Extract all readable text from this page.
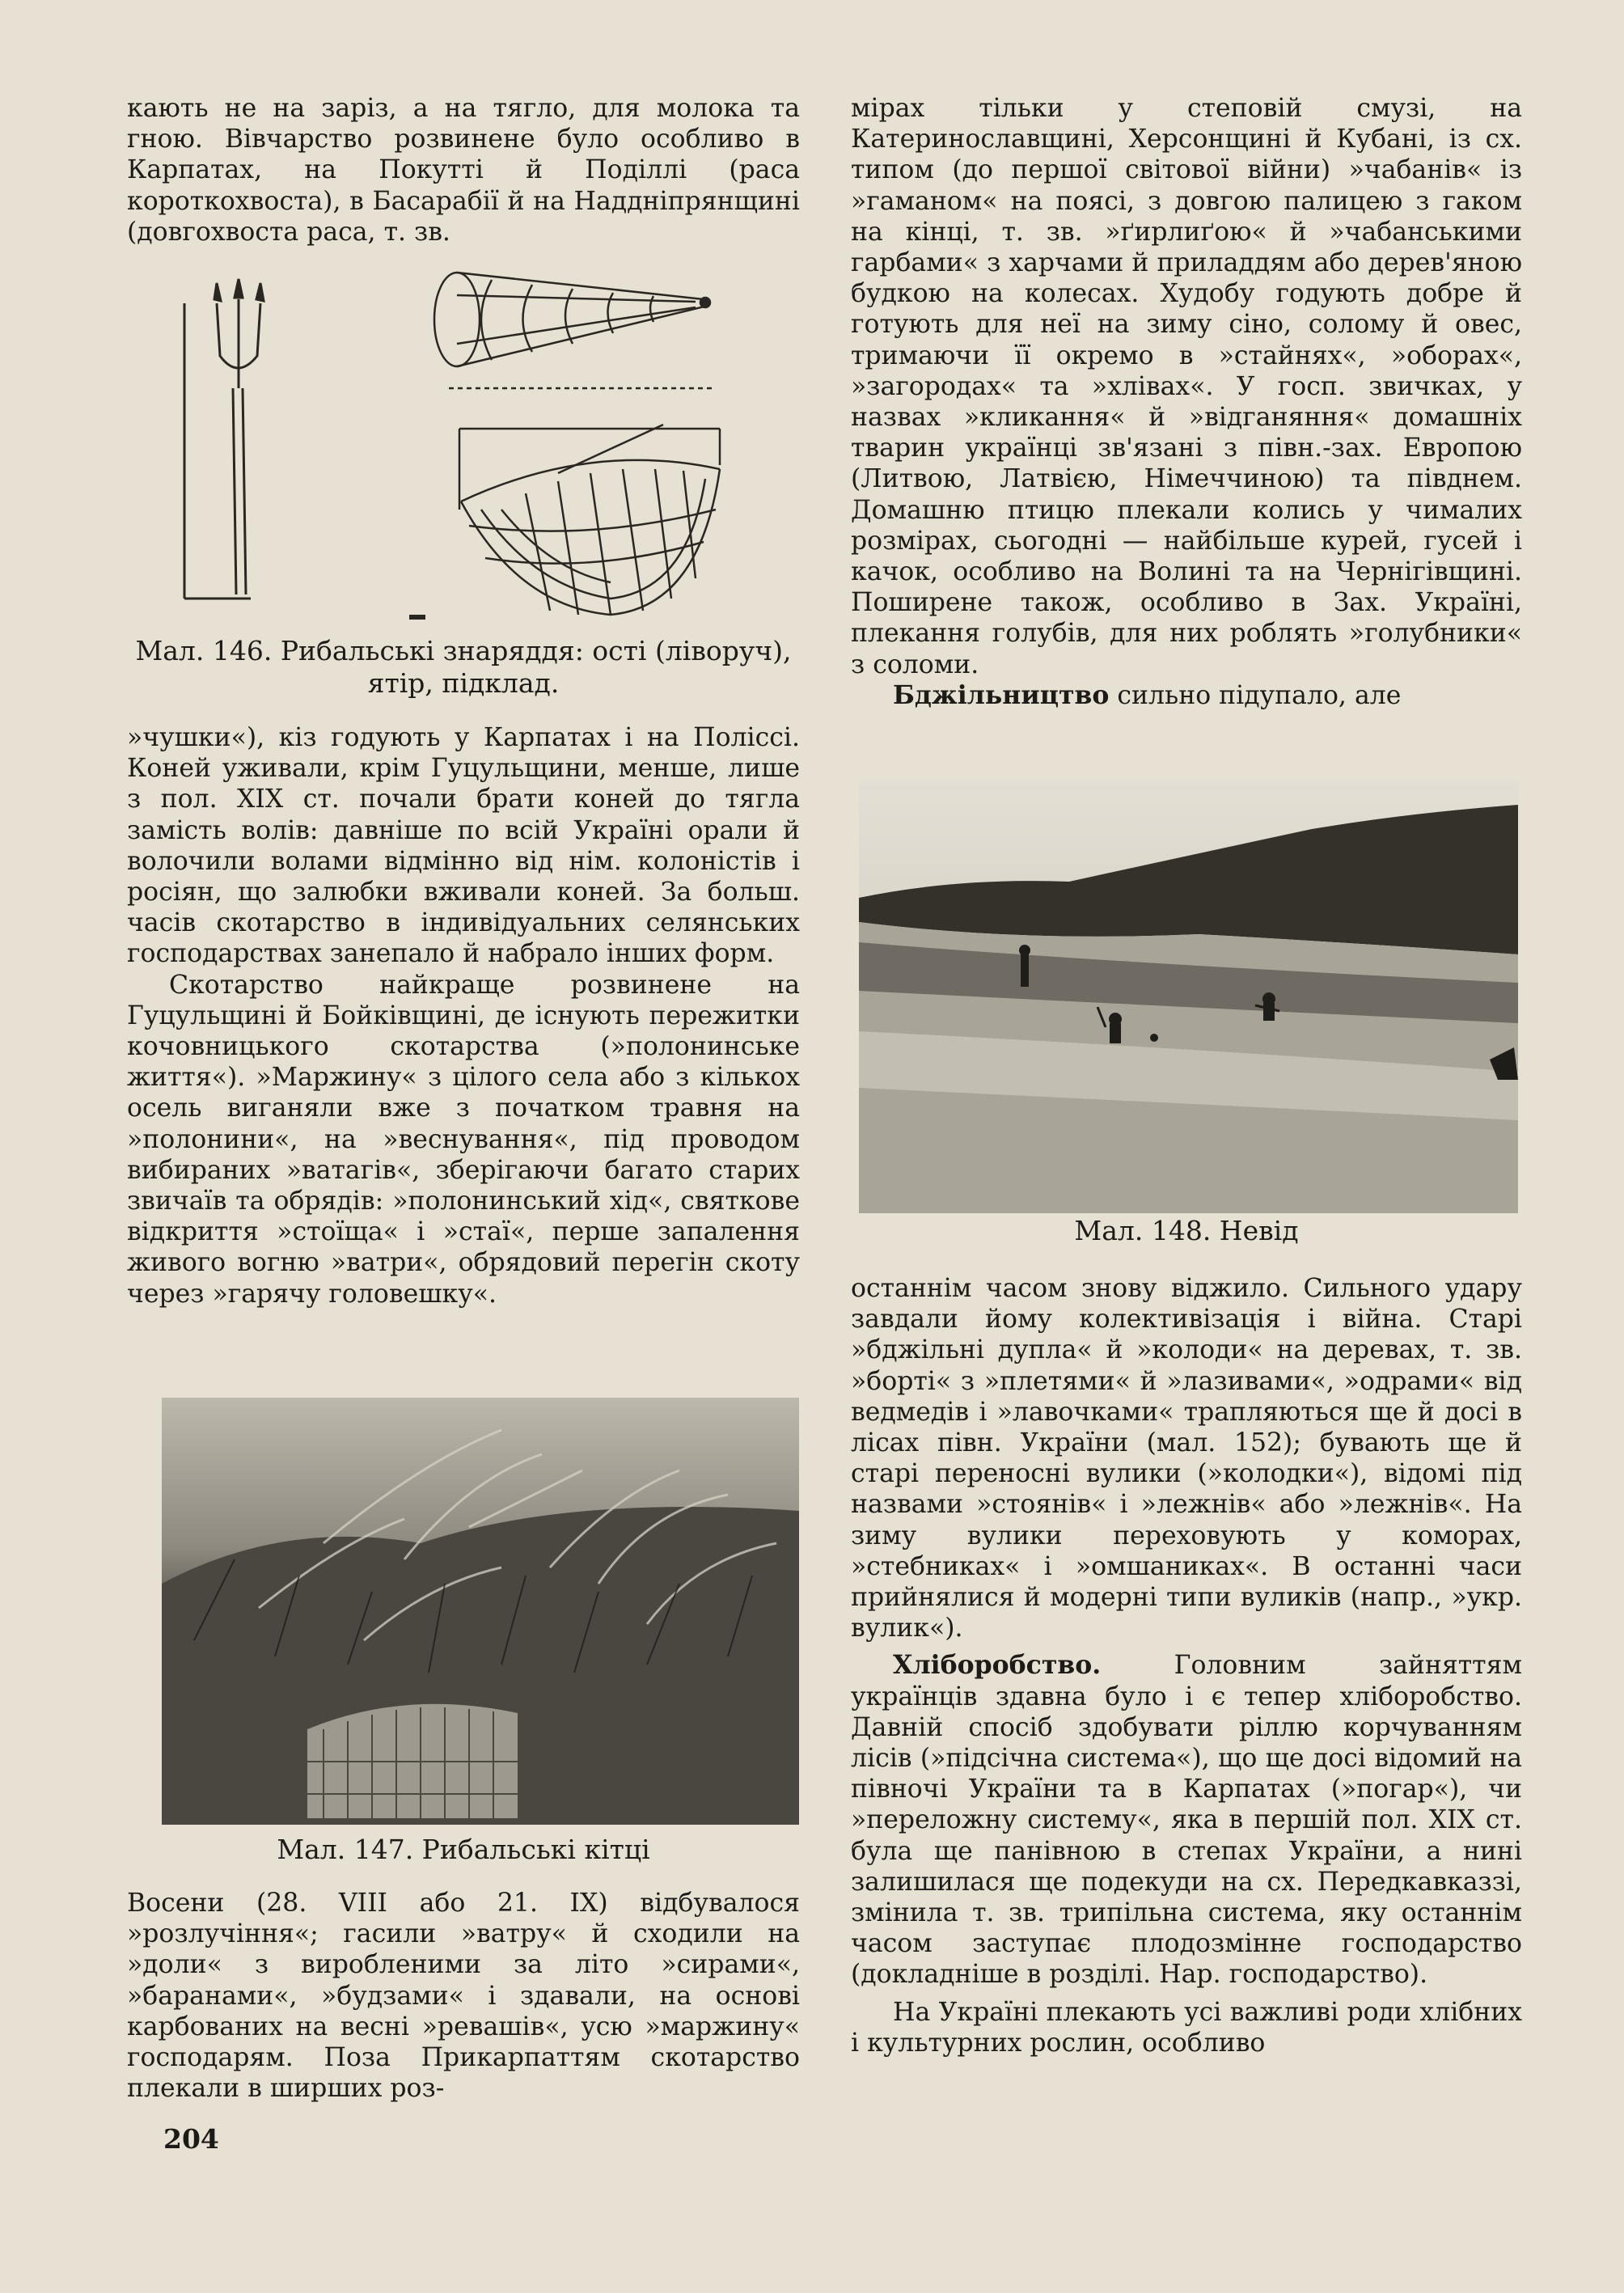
кають не на заріз, а на тягло, для молока та гною. Вівчарство розвинене було особливо в Карпатах, на Покутті й Поділлі (раса короткохвоста), в Басарабії й на Наддніпрянщині (довгохвоста раса, т. зв.

Мал. 146. Рибальські знаряддя: ості (ліворуч), ятір, підклад.

»чушки«), кіз годують у Карпатах і на Поліссі. Коней уживали, крім Гуцульщини, менше, лише з пол. XIX ст. почали брати коней до тягла замість волів: давніше по всій Україні орали й волочили волами відмінно від нім. колоністів і росіян, що залюбки вживали коней. За больш. часів скотарство в індивідуальних селянських господарствах занепало й набрало інших форм.

Скотарство найкраще розвинене на Гуцульщині й Бойківщині, де існують пережитки кочовницького скотарства (»полонинське життя«). »Маржину« з цілого села або з кількох осель виганяли вже з початком травня на »полонини«, на »веснування«, під проводом вибираних »ватагів«, зберігаючи багато старих звичаїв та обрядів: »полонинський хід«, святкове відкриття »стоїща« і »стаї«, перше запалення живого вогню »ватри«, обрядовий перегін скоту через »гарячу головешку«.

Мал. 147. Рибальські кітці

Восени (28. VIII або 21. IX) відбувалося »розлучіння«; гасили »ватру« й сходили на »доли« з виробленими за літо »сирами«, »баранами«, »будзами« і здавали, на основі карбованих на весні »ревашів«, усю »маржину« господарям. Поза Прикарпаттям скотарство плекали в ширших роз-

мірах тільки у степовій смузі, на Катеринославщині, Херсонщині й Кубані, із сх. типом (до першої світової війни) »чабанів« із »гаманом« на поясі, з довгою палицею з гаком на кінці, т. зв. »ґирлиґою« й »чабанськими гарбами« з харчами й приладдям або дерев'яною будкою на колесах. Худобу годують добре й готують для неї на зиму сіно, солому й овес, тримаючи її окремо в »стайнях«, »оборах«, »загородах« та »хлівах«. У госп. звичках, у назвах »кликання« й »відганяння« домашніх тварин українці зв'язані з півн.-зах. Европою (Литвою, Латвією, Німеччиною) та півднем. Домашню птицю плекали колись у чималих розмірах, сьогодні — найбільше курей, гусей і качок, особливо на Волині та на Чернігівщині. Поширене також, особливо в Зах. Україні, плекання голубів, для них роблять »голубники« з соломи.

Бджільництво сильно підупало, але

Мал. 148. Невід

останнім часом знову віджило. Сильного удару завдали йому колективізація і війна. Старі »бджільні дупла« й »колоди« на деревах, т. зв. »борті« з »плетями« й »лазивами«, »одрами« від ведмедів і »лавочками« трапляються ще й досі в лісах півн. України (мал. 152); бувають ще й старі переносні вулики (»колодки«), відомі під назвами »стоянів« і »лежнів« або »лежнів«. На зиму вулики переховують у коморах, »стебниках« і »омшаниках«. В останні часи прийнялися й модерні типи вуликів (напр., »укр. вулик«).

Хліборобство. Головним зайняттям українців здавна було і є тепер хліборобство. Давній спосіб здобувати ріллю корчуванням лісів (»підсічна система«), що ще досі відомий на півночі України та в Карпатах (»погар«), чи »переложну систему«, яка в першій пол. XIX ст. була ще панівною в степах України, а нині залишилася ще подекуди на сх. Передкавказзі, змінила т. зв. трипільна система, яку останнім часом заступає плодозмінне господарство (докладніше в розділі. Нар. господарство).

На Україні плекають усі важливі роди хлібних і культурних рослин, особливо

204
